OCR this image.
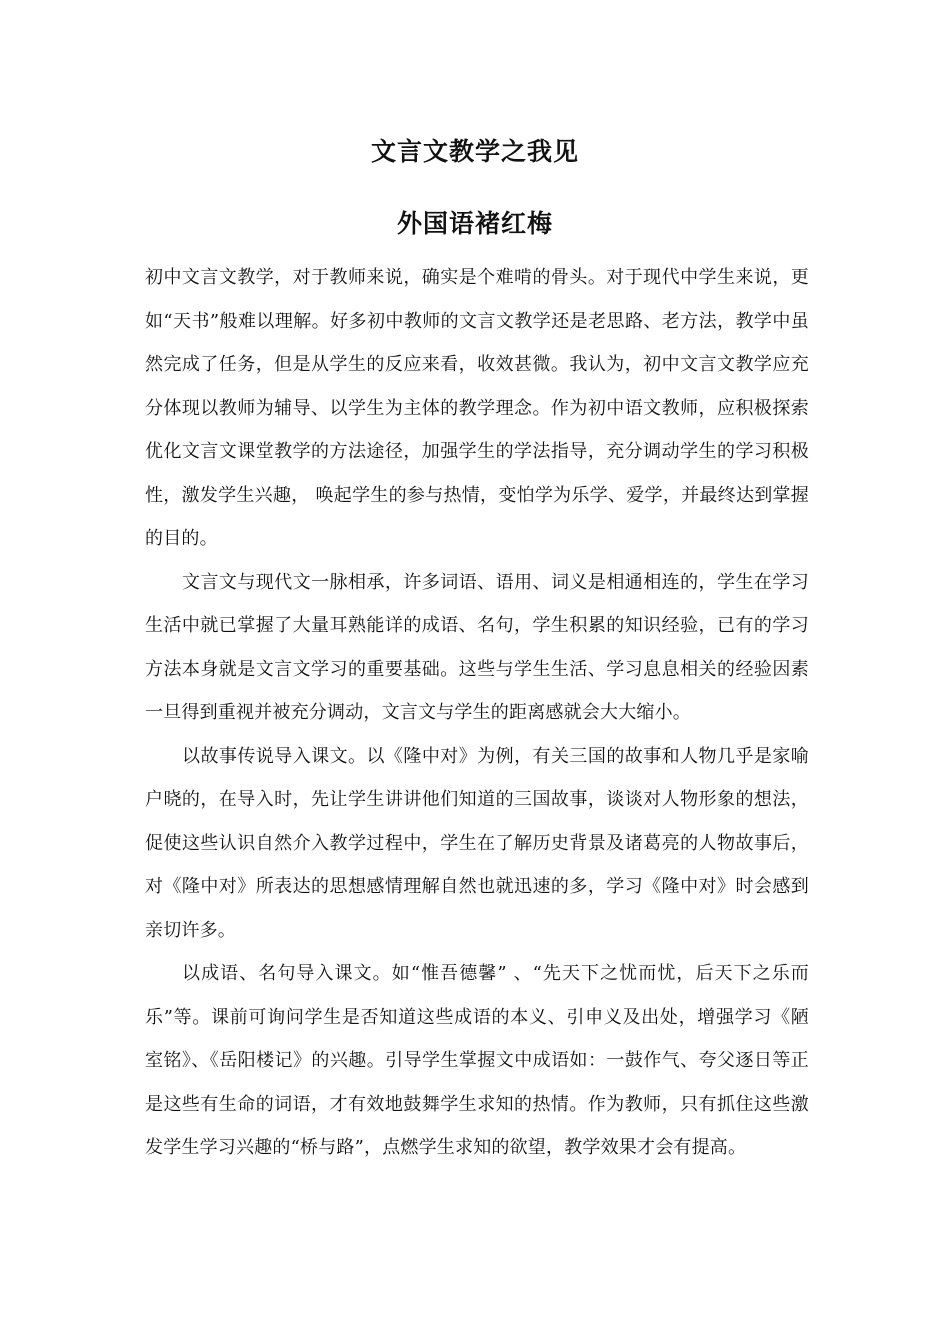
文言文教学之我见
外国语褚红梅

初中文言文教学，对于教师来说，确实是个难啃的骨头。对于现代中学生来说，更如“天书”般难以理解。好多初中教师的文言文教学还是老思路、老方法，教学中虽然完成了任务，但是从学生的反应来看，收效甚微。我认为，初中文言文教学应充分体现以教师为辅导、以学生为主体的教学理念。作为初中语文教师，应积极探索优化文言文课堂教学的方法途径，加强学生的学法指导，充分调动学生的学习积极性，激发学生兴趣， 唤起学生的参与热情，变怕学为乐学、爱学，并最终达到掌握的目的。

文言文与现代文一脉相承，许多词语、语用、词义是相通相连的，学生在学习生活中就已掌握了大量耳熟能详的成语、名句，学生积累的知识经验，已有的学习方法本身就是文言文学习的重要基础。这些与学生生活、学习息息相关的经验因素一旦得到重视并被充分调动，文言文与学生的距离感就会大大缩小。

以故事传说导入课文。以《隆中对》为例，有关三国的故事和人物几乎是家喻户晓的，在导入时，先让学生讲讲他们知道的三国故事，谈谈对人物形象的想法，促使这些认识自然介入教学过程中，学生在了解历史背景及诸葛亮的人物故事后，对《隆中对》所表达的思想感情理解自然也就迅速的多，学习《隆中对》时会感到亲切许多。

以成语、名句导入课文。如“惟吾德馨” 、“先天下之忧而忧，后天下之乐而乐”等。课前可询问学生是否知道这些成语的本义、引申义及出处，增强学习《陋室铭》、《岳阳楼记》的兴趣。引导学生掌握文中成语如：一鼓作气、夸父逐日等正是这些有生命的词语，才有效地鼓舞学生求知的热情。作为教师，只有抓住这些激发学生学习兴趣的“桥与路”，点燃学生求知的欲望，教学效果才会有提高。
